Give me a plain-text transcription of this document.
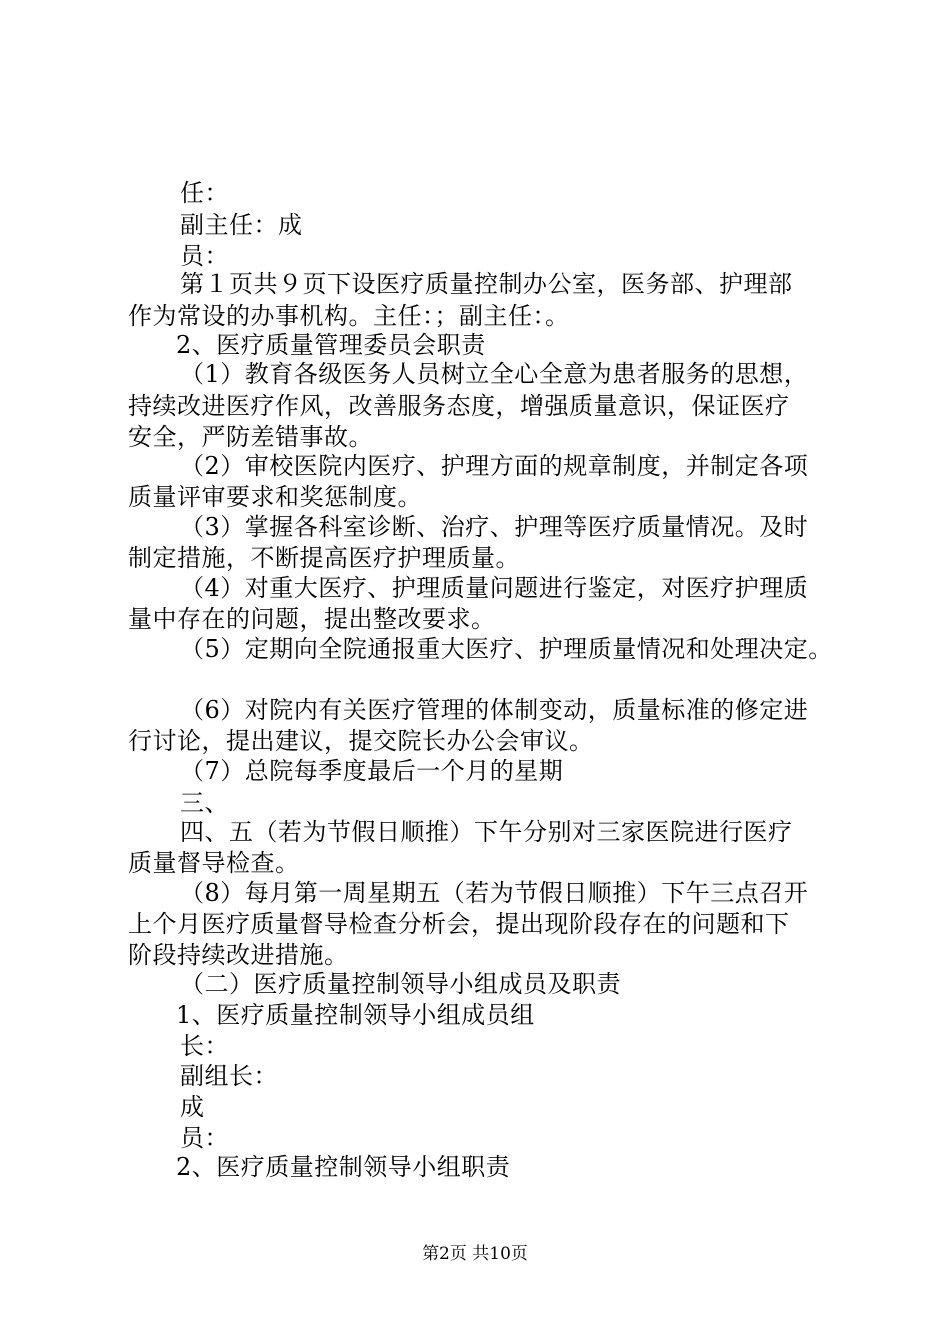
任：
副主任：成
员：
第１页共９页下设医疗质量控制办公室，医务部、护理部
作为常设的办事机构。主任：；副主任：。
2、医疗质量管理委员会职责
（1）教育各级医务人员树立全心全意为患者服务的思想，
持续改进医疗作风，改善服务态度，增强质量意识，保证医疗
安全，严防差错事故。
（2）审校医院内医疗、护理方面的规章制度，并制定各项
质量评审要求和奖惩制度。
（3）掌握各科室诊断、治疗、护理等医疗质量情况。及时
制定措施，不断提高医疗护理质量。
（4）对重大医疗、护理质量问题进行鉴定，对医疗护理质
量中存在的问题，提出整改要求。
（5）定期向全院通报重大医疗、护理质量情况和处理决定。
（6）对院内有关医疗管理的体制变动，质量标准的修定进
行讨论，提出建议，提交院长办公会审议。
（7）总院每季度最后一个月的星期
三、
四、五（若为节假日顺推）下午分别对三家医院进行医疗
质量督导检查。
（8）每月第一周星期五（若为节假日顺推）下午三点召开
上个月医疗质量督导检查分析会，提出现阶段存在的问题和下
阶段持续改进措施。
（二）医疗质量控制领导小组成员及职责
1、医疗质量控制领导小组成员组
长：
副组长：
成
员：
2、医疗质量控制领导小组职责
第2页 共10页
